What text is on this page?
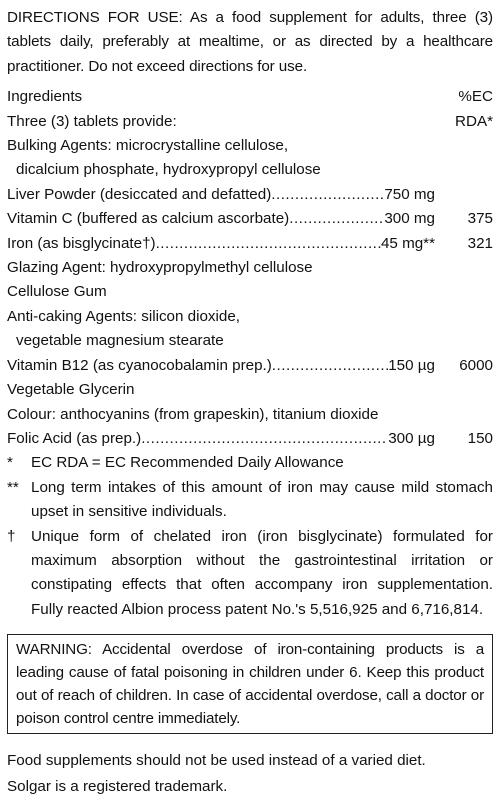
DIRECTIONS FOR USE: As a food supplement for adults, three (3) tablets daily, preferably at mealtime, or as directed by a healthcare practitioner. Do not exceed directions for use.
Ingredients	%EC
Three (3) tablets provide:	RDA*
Bulking Agents: microcrystalline cellulose,
dicalcium phosphate, hydroxypropyl cellulose
Liver Powder (desiccated and defatted) .....	750 mg
Vitamin C (buffered as calcium ascorbate) .....	300 mg	375
Iron (as bisglycinate†) .....	45 mg**	321
Glazing Agent: hydroxypropylmethyl cellulose
Cellulose Gum
Anti-caking Agents: silicon dioxide,
vegetable magnesium stearate
Vitamin B12 (as cyanocobalamin prep.) .....	150 µg	6000
Vegetable Glycerin
Colour: anthocyanins (from grapeskin), titanium dioxide
Folic Acid (as prep.) .....	300 µg	150
*	EC RDA = EC Recommended Daily Allowance
** Long term intakes of this amount of iron may cause mild stomach upset in sensitive individuals.
†	Unique form of chelated iron (iron bisglycinate) formulated for maximum absorption without the gastrointestinal irritation or constipating effects that often accompany iron supplementation. Fully reacted Albion process patent No.'s 5,516,925 and 6,716,814.
WARNING: Accidental overdose of iron-containing products is a leading cause of fatal poisoning in children under 6. Keep this product out of reach of children. In case of accidental overdose, call a doctor or poison control centre immediately.
Food supplements should not be used instead of a varied diet.
Solgar is a registered trademark.
